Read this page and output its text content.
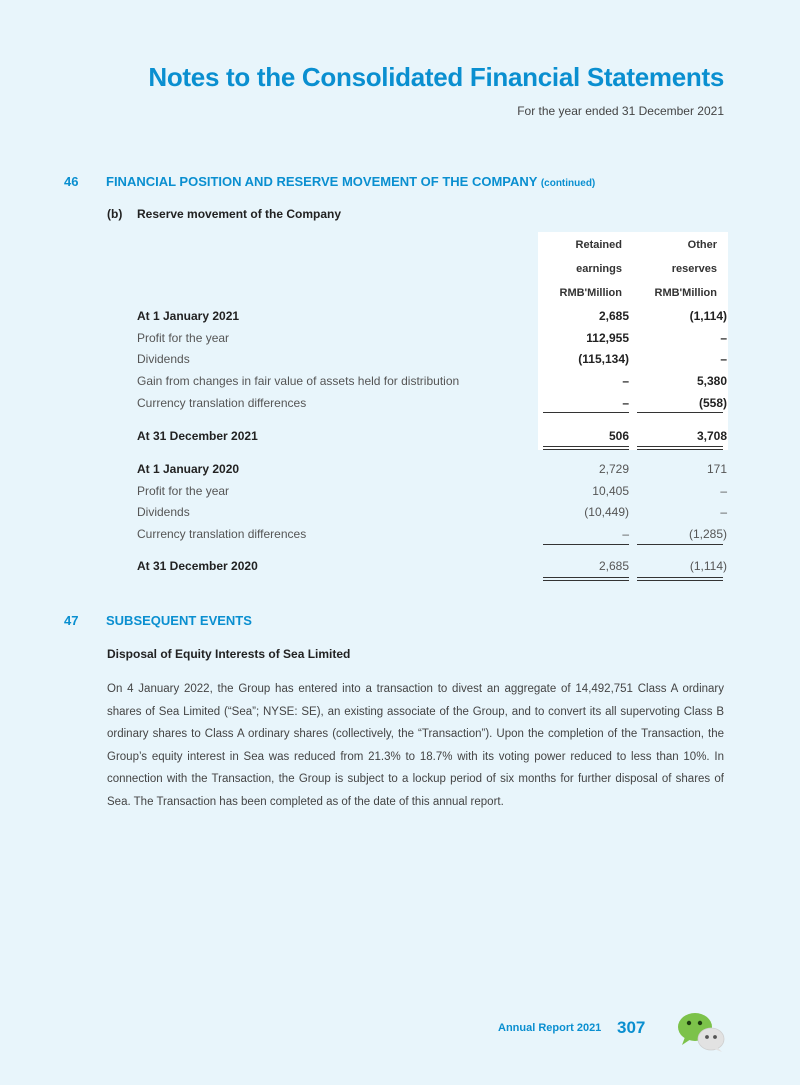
Notes to the Consolidated Financial Statements

For the year ended 31 December 2021

46 FINANCIAL POSITION AND RESERVE MOVEMENT OF THE COMPANY (continued)
(b) Reserve movement of the Company
Retained
earnings
RMB'Million
Other
reserves
RMB'Million
At 1 January 2021	2,685	(1,114)
Profit for the year	112,955	–
Dividends	(115,134)	–
Gain from changes in fair value of assets held for distribution	–	5,380
Currency translation differences	–	(558)
At 31 December 2021	506	3,708
At 1 January 2020	2,729	171
Profit for the year	10,405	–
Dividends	(10,449)	–
Currency translation differences	–	(1,285)
At 31 December 2020	2,685	(1,114)
47 SUBSEQUENT EVENTS
Disposal of Equity Interests of Sea Limited

On 4 January 2022, the Group has entered into a transaction to divest an aggregate of 14,492,751 Class A ordinary shares of Sea Limited (“Sea”; NYSE: SE), an existing associate of the Group, and to convert its all supervoting Class B ordinary shares to Class A ordinary shares (collectively, the “Transaction”). Upon the completion of the Transaction, the Group’s equity interest in Sea was reduced from 21.3% to 18.7% with its voting power reduced to less than 10%. In connection with the Transaction, the Group is subject to a lockup period of six months for further disposal of shares of Sea. The Transaction has been completed as of the date of this annual report.

Annual Report 2021 307
